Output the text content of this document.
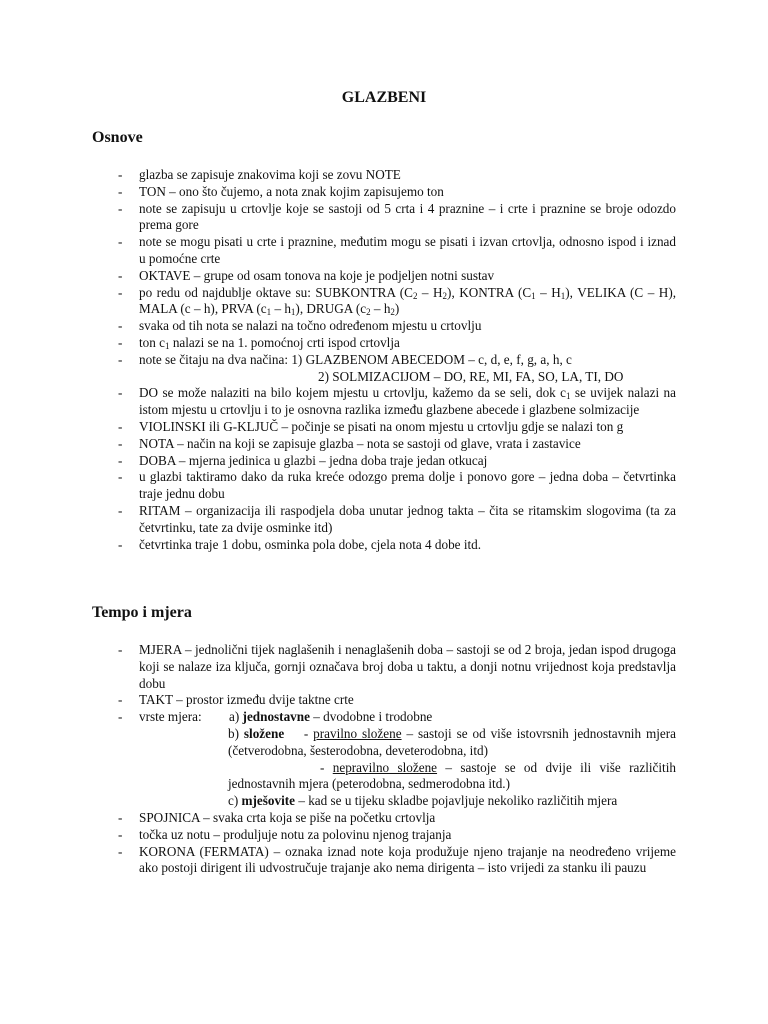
GLAZBENI
Osnove
- glazba se zapisuje znakovima koji se zovu NOTE
- TON – ono što čujemo, a nota znak kojim zapisujemo ton
- note se zapisuju u crtovlje koje se sastoji od 5 crta i 4 praznine – i crte i praznine se broje odozdo prema gore
- note se mogu pisati u crte i praznine, međutim mogu se pisati i izvan crtovlja, odnosno ispod i iznad u pomoćne crte
- OKTAVE – grupe od osam tonova na koje je podjeljen notni sustav
- po redu od najdublje oktave su: SUBKONTRA $(C_2 - H_2)$, KONTRA $(C_1 - H_1)$, VELIKA (C – H), MALA (c – h), PRVA $(c_1 - h_1)$, DRUGA $(c_2 - h_2)$
- svaka od tih nota se nalazi na točno određenom mjestu u crtovlju
- ton $c_1$ nalazi se na 1. pomoćnoj crti ispod crtovlja
- note se čitaju na dva načina: 1) GLAZBENOM ABECEDOM – c, d, e, f, g, a, h, c
2) SOLMIZACIJOM – DO, RE, MI, FA, SO, LA, TI, DO
- DO se može nalaziti na bilo kojem mjestu u crtovlju, kažemo da se seli, dok $c_1$ se uvijek nalazi na istom mjestu u crtovlju i to je osnovna razlika između glazbene abecede i glazbene solmizacije
- VIOLINSKI ili G-KLJUČ – počinje se pisati na onom mjestu u crtovlju gdje se nalazi ton g
- NOTA – način na koji se zapisuje glazba – nota se sastoji od glave, vrata i zastavice
- DOBA – mjerna jedinica u glazbi – jedna doba traje jedan otkucaj
- u glazbi taktiramo dako da ruka kreće odozgo prema dolje i ponovo gore – jedna doba – četvrtinka traje jednu dobu
- RITAM – organizacija ili raspodjela doba unutar jednog takta – čita se ritamskim slogovima (ta za četvrtinku, tate za dvije osminke itd)
- četvrtinka traje 1 dobu, osminka pola dobe, cjela nota 4 dobe itd.
Tempo i mjera
- MJERA – jednolični tijek naglašenih i nenaglašenih doba – sastoji se od 2 broja, jedan ispod drugoga koji se nalaze iza ključa, gornji označava broj doba u taktu, a donji notnu vrijednost koja predstavlja dobu
- TAKT – prostor između dvije taktne crte
- vrste mjera: a) jednostavne – dvodobne i trodobne
b) složene    - pravilno složene – sastoji se od više istovrsnih jednostavnih mjera (četverodobna, šesterodobna, deveterodobna, itd)
- nepravilno složene – sastoje se od dvije ili više različitih jednostavnih mjera (peterodobna, sedmerodobna itd.)
c) mješovite – kad se u tijeku skladbe pojavljuje nekoliko različitih mjera
- SPOJNICA – svaka crta koja se piše na početku crtovlja
- točka uz notu – produljuje notu za polovinu njenog trajanja
- KORONA (FERMATA) – oznaka iznad note koja produžuje njeno trajanje na neodređeno vrijeme ako postoji dirigent ili udvostručuje trajanje ako nema dirigenta – isto vrijedi za stanku ili pauzu
